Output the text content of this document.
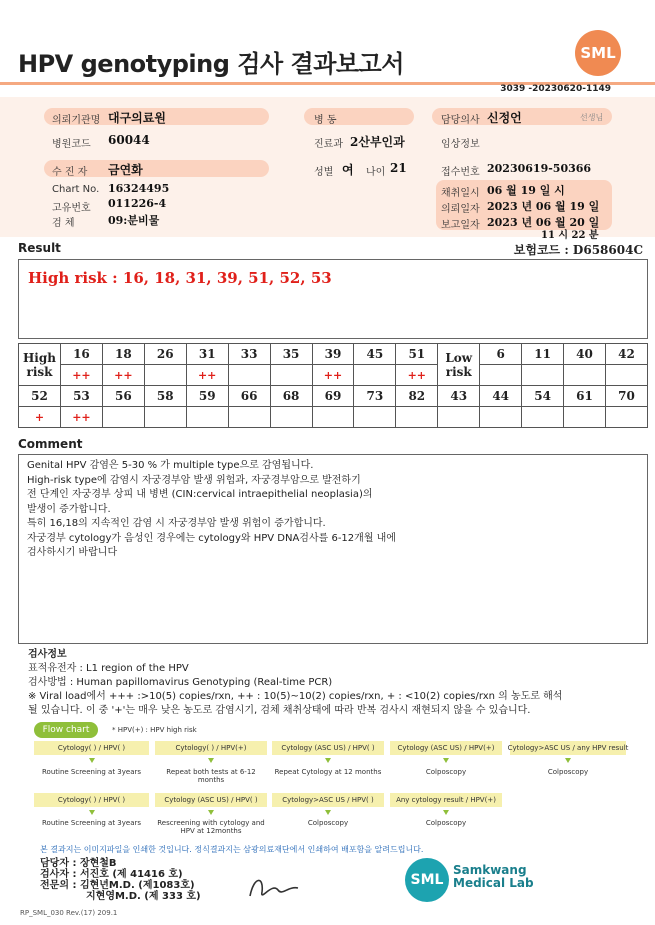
HPV genotyping 검사 결과보고서	SML
3039 -20230620-1149
의뢰기관명 대구의료원	병 동	담당의사 신정언	선생님
병원코드 60044	진료과 2산부인과	임상정보
수 진 자 금연화	성별 여 나이 21	접수번호 20230619-50366
Chart No. 16324495
고유번호 011226-4
검 체	09:분비물
채취일시 06 월 19 일 시
의뢰일자 2023 년 06 월 19 일
보고일자 2023 년 06 월 20 일
11 시 22 분
Result	보험코드 : D658604C
High risk : 16, 18, 31, 39, 51, 52, 53
High risk	16	18	26	31	33	35	39	45	51	Low risk	6	11	40	42
	++	++		++			++		++					
52	53	56	58	59	66	68	69	73	82	43	44	54	61	70
+	++													
Comment
Genital HPV 감염은 5-30 % 가 multiple type으로 감염됩니다.
High-risk type에 감염시 자궁경부암 발생 위험과, 자궁경부암으로 발전하기
전 단계인 자궁경부 상피 내 병변 (CIN:cervical intraepithelial neoplasia)의
발생이 증가합니다.
특히 16,18의 지속적인 감염 시 자궁경부암 발생 위험이 증가합니다.
자궁경부 cytology가 음성인 경우에는 cytology와 HPV DNA검사를 6-12개월 내에
검사하시기 바랍니다
검사정보
표적유전자 : L1 region of the HPV
검사방법 : Human papillomavirus Genotyping (Real-time PCR)
※ Viral load에서 +++ :>10(5) copies/rxn, ++ : 10(5)~10(2) copies/rxn, + : <10(2) copies/rxn 의 농도로 해석
될 있습니다. 이 중 '+'는 매우 낮은 농도로 감염시기, 검체 채취상태에 따라 반복 검사시 재현되지 않을 수 있습니다.
Flow chart	* HPV(+) : HPV high risk
Cytology( ) / HPV( )
Routine Screening at 3years
Cytology( ) / HPV(+)
Repeat both tests at 6-12 months
Cytology (ASC US) / HPV( )
Repeat Cytology at 12 months
Cytology (ASC US) / HPV(+)
Colposcopy
Cytology>ASC US / any HPV result
Colposcopy
Cytology( ) / HPV( )
Routine Screening at 3years
Cytology (ASC US) / HPV( )
Rescreening with cytology and HPV at 12months
Cytology>ASC US / HPV( )
Colposcopy
Any cytology result / HPV(+)
Colposcopy
본 결과지는 이미지파일을 인쇄한 것입니다. 정식결과지는 삼광의료재단에서 인쇄하여 배포함을 알려드립니다.
담당자 : 장현철B
검사자 : 서진호 (제 41416 호)
전문의 : 김현년M.D. (제1083호)
지현영M.D. (제 333 호)
SML
Samkwang
Medical Lab
RP_SML_030 Rev.(17) 209.1
